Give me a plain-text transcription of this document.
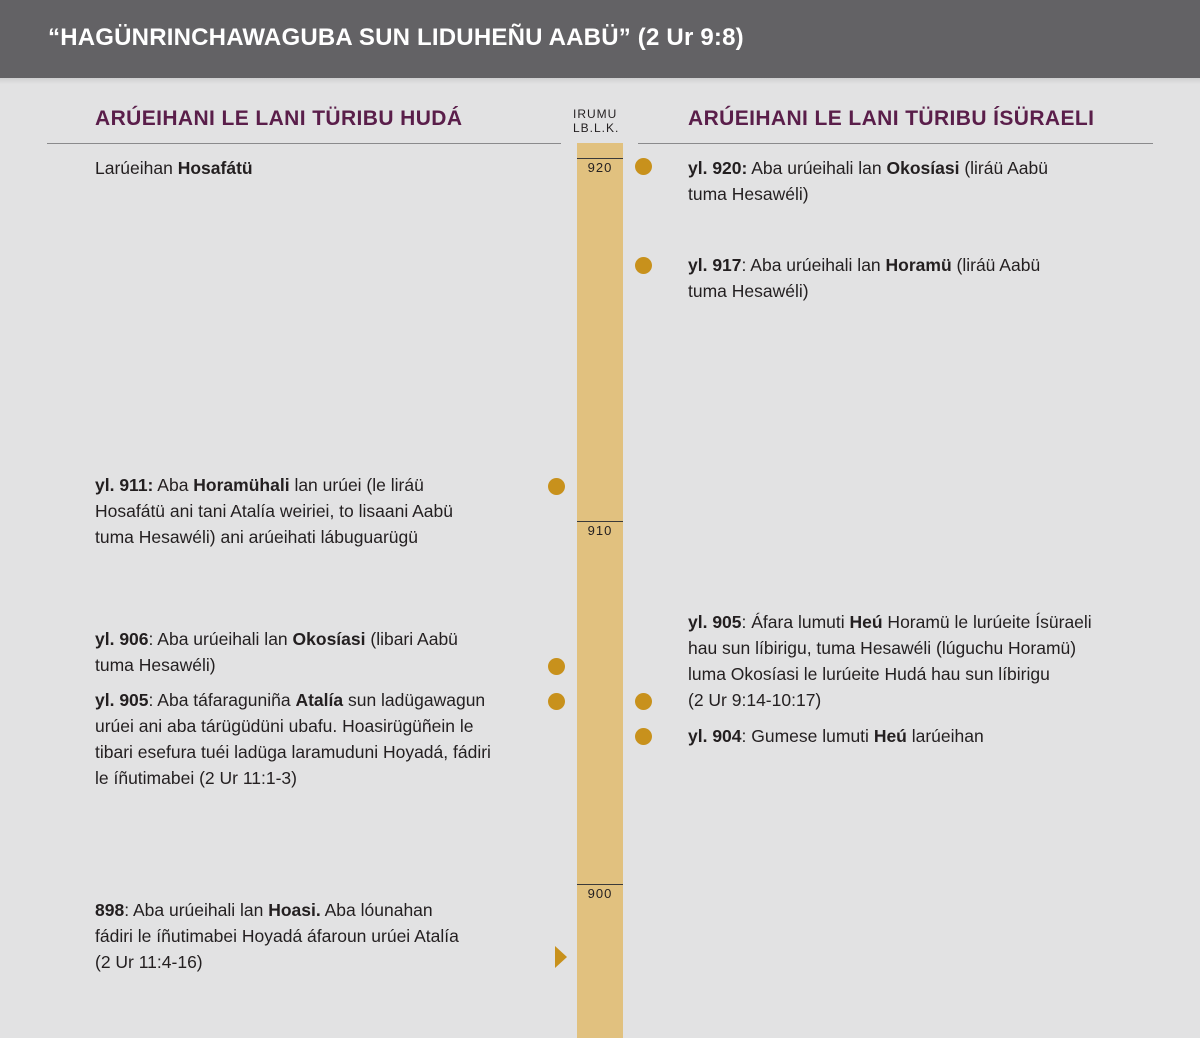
“HAGÜNRINCHAWAGUBA SUN LIDUHEÑU AABÜ” (2 Ur 9:8)
ARÚEIHANI LE LANI TÜRIBU HUDÁ	ARÚEIHANI LE LANI TÜRIBU ÍSÜRAELI
IRUMU
LB.L.K.
920
910
900
Larúeihan Hosafátü
yl. 911: Aba Horamühali lan urúei (le liráü
Hosafátü ani tani Atalía weiriei, to lisaani Aabü
tuma Hesawéli) ani arúeihati lábuguarügü
yl. 906: Aba urúeihali lan Okosíasi (libari Aabü
tuma Hesawéli)
yl. 905: Aba táfaraguniña Atalía sun ladügawagun
urúei ani aba tárügüdüni ubafu. Hoasirügüñein le
tibari esefura tuéi ladüga laramuduni Hoyadá, fádiri
le íñutimabei (2 Ur 11:1-3)
898: Aba urúeihali lan Hoasi. Aba lóunahan
fádiri le íñutimabei Hoyadá áfaroun urúei Atalía
(2 Ur 11:4-16)
yl. 920: Aba urúeihali lan Okosíasi (liráü Aabü
tuma Hesawéli)
yl. 917: Aba urúeihali lan Horamü (liráü Aabü
tuma Hesawéli)
yl. 905: Áfara lumuti Heú Horamü le lurúeite Ísüraeli
hau sun líbirigu, tuma Hesawéli (lúguchu Horamü)
luma Okosíasi le lurúeite Hudá hau sun líbirigu
(2 Ur 9:14-10:17)
yl. 904: Gumese lumuti Heú larúeihan
